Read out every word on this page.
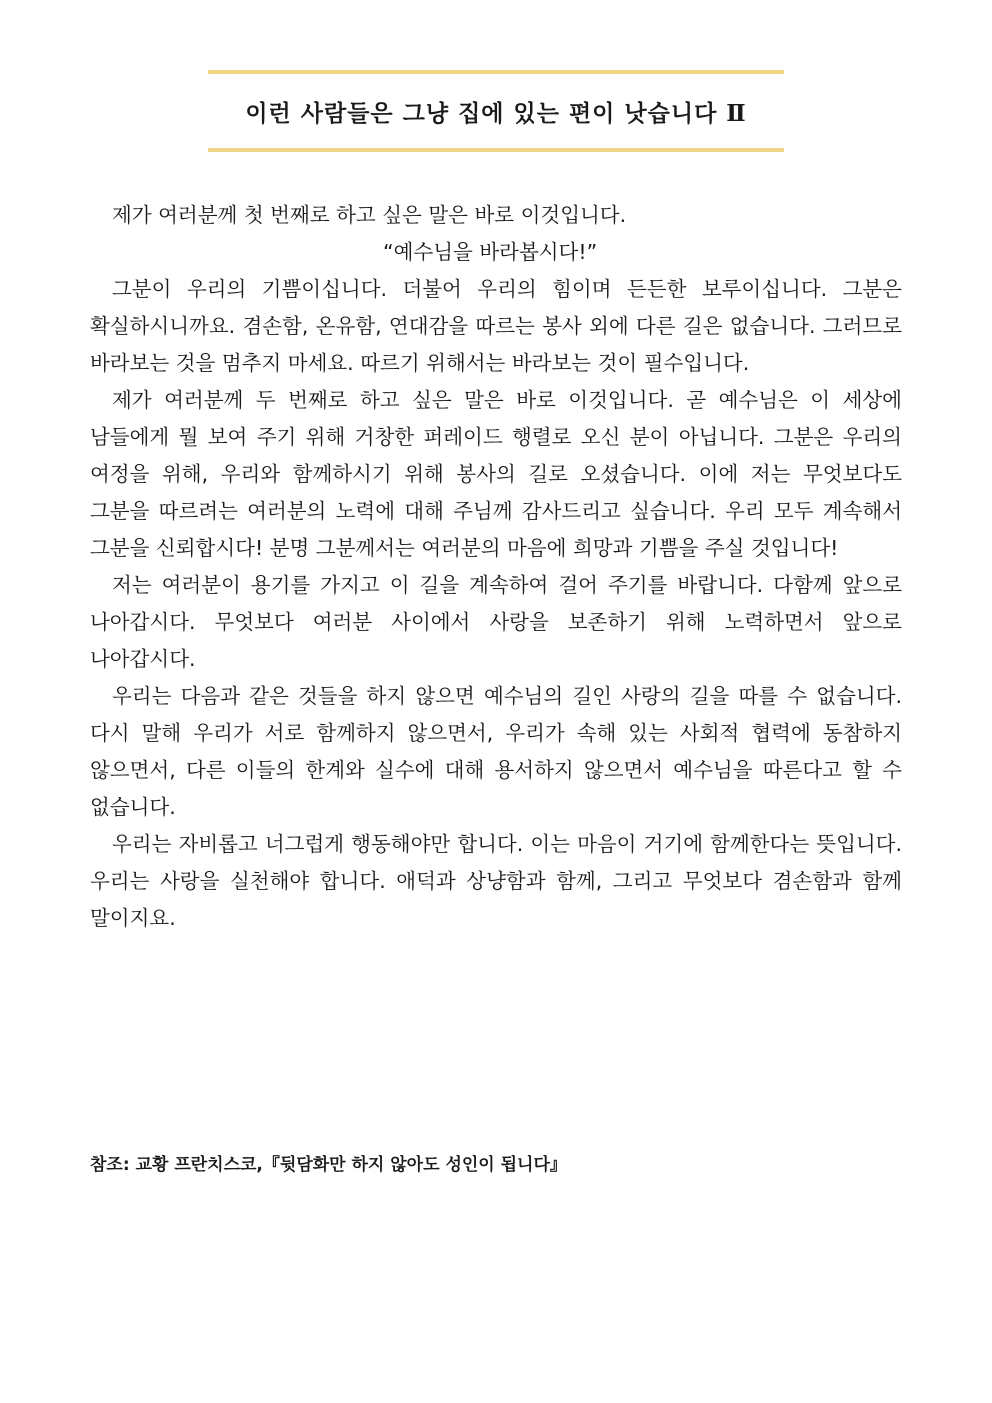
이런 사람들은 그냥 집에 있는 편이 낫습니다 Ⅱ

제가 여러분께 첫 번째로 하고 싶은 말은 바로 이것입니다.

“예수님을 바라봅시다!”

그분이 우리의 기쁨이십니다. 더불어 우리의 힘이며 든든한 보루이십니다. 그분은 확실하시니까요. 겸손함, 온유함, 연대감을 따르는 봉사 외에 다른 길은 없습니다. 그러므로 바라보는 것을 멈추지 마세요. 따르기 위해서는 바라보는 것이 필수입니다.

제가 여러분께 두 번째로 하고 싶은 말은 바로 이것입니다. 곧 예수님은 이 세상에 남들에게 뭘 보여 주기 위해 거창한 퍼레이드 행렬로 오신 분이 아닙니다. 그분은 우리의 여정을 위해, 우리와 함께하시기 위해 봉사의 길로 오셨습니다. 이에 저는 무엇보다도 그분을 따르려는 여러분의 노력에 대해 주님께 감사드리고 싶습니다. 우리 모두 계속해서 그분을 신뢰합시다! 분명 그분께서는 여러분의 마음에 희망과 기쁨을 주실 것입니다!

저는 여러분이 용기를 가지고 이 길을 계속하여 걸어 주기를 바랍니다. 다함께 앞으로 나아갑시다. 무엇보다 여러분 사이에서 사랑을 보존하기 위해 노력하면서 앞으로 나아갑시다.

우리는 다음과 같은 것들을 하지 않으면 예수님의 길인 사랑의 길을 따를 수 없습니다. 다시 말해 우리가 서로 함께하지 않으면서, 우리가 속해 있는 사회적 협력에 동참하지 않으면서, 다른 이들의 한계와 실수에 대해 용서하지 않으면서 예수님을 따른다고 할 수 없습니다.

우리는 자비롭고 너그럽게 행동해야만 합니다. 이는 마음이 거기에 함께한다는 뜻입니다. 우리는 사랑을 실천해야 합니다. 애덕과 상냥함과 함께, 그리고 무엇보다 겸손함과 함께 말이지요.

참조: 교황 프란치스코,『뒷담화만 하지 않아도 성인이 됩니다』
